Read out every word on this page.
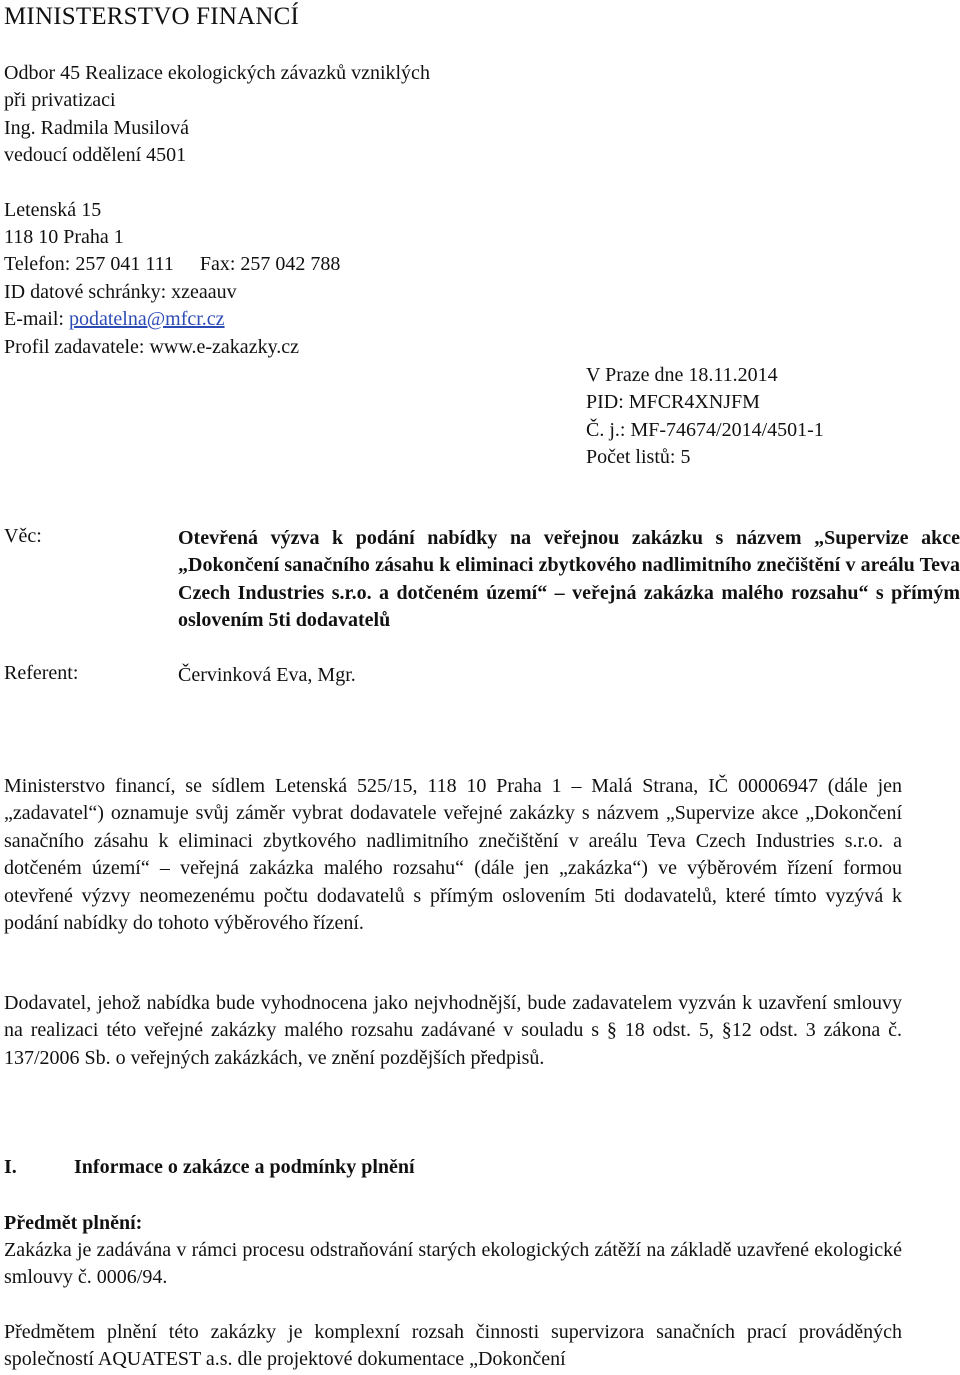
MINISTERSTVO FINANCÍ
Odbor 45 Realizace ekologických závazků vzniklých
při privatizaci
Ing. Radmila Musilová
vedoucí oddělení 4501
Letenská 15
118 10 Praha 1
Telefon: 257 041 111 Fax: 257 042 788
ID datové schránky: xzeaauv
E-mail: podatelna@mfcr.cz
Profil zadavatele: www.e-zakazky.cz
V Praze dne 18.11.2014
PID: MFCR4XNJFM
Č. j.: MF-74674/2014/4501-1
Počet listů: 5
Věc:	Otevřená výzva k podání nabídky na veřejnou zakázku s názvem „Supervize akce „Dokončení sanačního zásahu k eliminaci zbytkového nadlimitního znečištění v areálu Teva Czech Industries s.r.o. a dotčeném území“ – veřejná zakázka malého rozsahu“ s přímým oslovením 5ti dodavatelů
Referent:	Červinková Eva, Mgr.
Ministerstvo financí, se sídlem Letenská 525/15, 118 10 Praha 1 – Malá Strana, IČ 00006947 (dále jen „zadavatel“) oznamuje svůj záměr vybrat dodavatele veřejné zakázky s názvem „Supervize akce „Dokončení sanačního zásahu k eliminaci zbytkového nadlimitního znečištění v areálu Teva Czech Industries s.r.o. a dotčeném území“ – veřejná zakázka malého rozsahu“ (dále jen „zakázka“) ve výběrovém řízení formou otevřené výzvy neomezenému počtu dodavatelů s přímým oslovením 5ti dodavatelů, které tímto vyzývá k podání nabídky do tohoto výběrového řízení.
Dodavatel, jehož nabídka bude vyhodnocena jako nejvhodnější, bude zadavatelem vyzván k uzavření smlouvy na realizaci této veřejné zakázky malého rozsahu zadávané v souladu s § 18 odst. 5, §12 odst. 3 zákona č. 137/2006 Sb. o veřejných zakázkách, ve znění pozdějších předpisů.
I.	Informace o zakázce a podmínky plnění
Předmět plnění:
Zakázka je zadávána v rámci procesu odstraňování starých ekologických zátěží na základě uzavřené ekologické smlouvy č. 0006/94.
Předmětem plnění této zakázky je komplexní rozsah činnosti supervizora sanačních prací prováděných společností AQUATEST a.s. dle projektové dokumentace „Dokončení
